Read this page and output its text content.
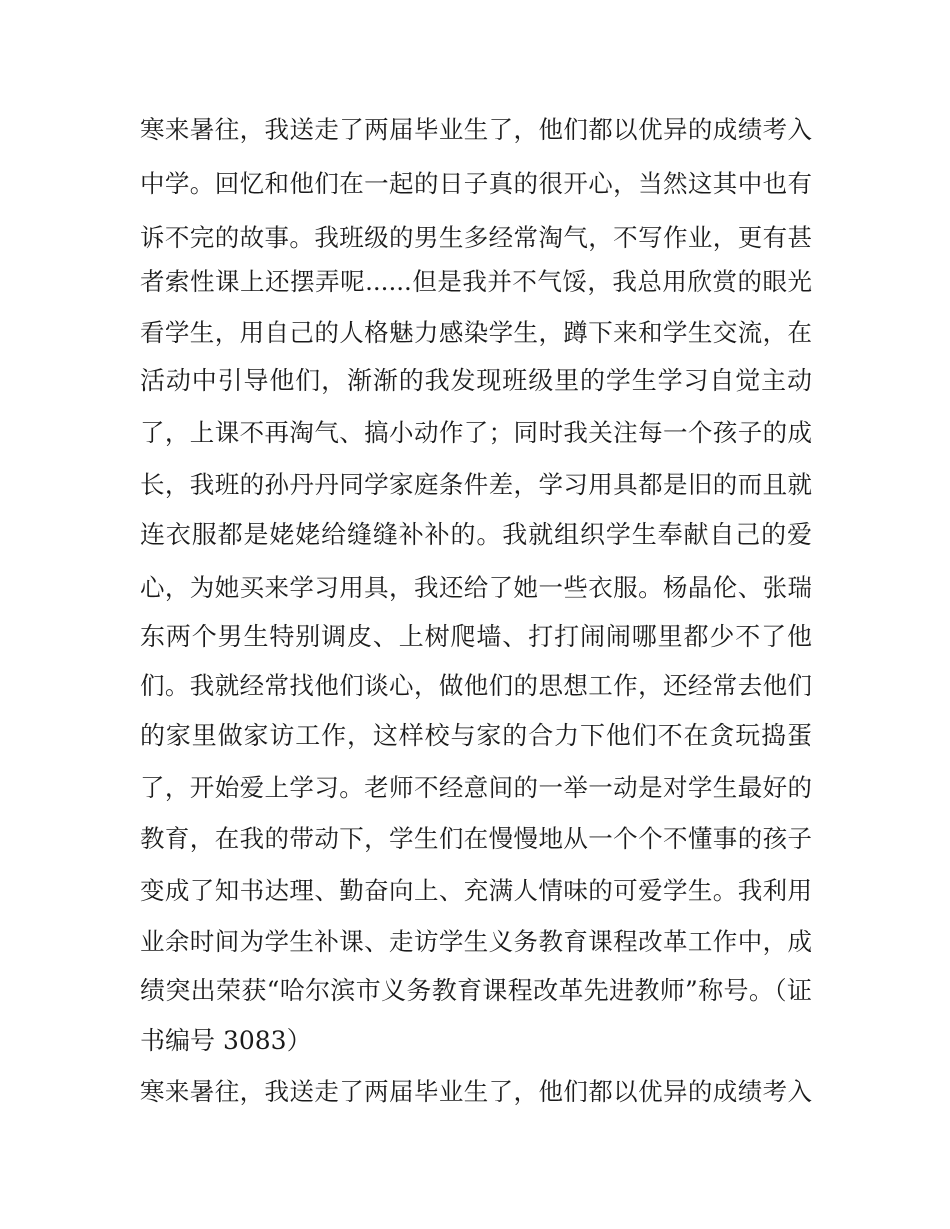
寒来暑往，我送走了两届毕业生了，他们都以优异的成绩考入
中学。回忆和他们在一起的日子真的很开心，当然这其中也有
诉不完的故事。我班级的男生多经常淘气，不写作业，更有甚
者索性课上还摆弄呢......但是我并不气馁，我总用欣赏的眼光
看学生，用自己的人格魅力感染学生，蹲下来和学生交流，在
活动中引导他们，渐渐的我发现班级里的学生学习自觉主动
了，上课不再淘气、搞小动作了；同时我关注每一个孩子的成
长，我班的孙丹丹同学家庭条件差，学习用具都是旧的而且就
连衣服都是姥姥给缝缝补补的。我就组织学生奉献自己的爱
心，为她买来学习用具，我还给了她一些衣服。杨晶伦、张瑞
东两个男生特别调皮、上树爬墙、打打闹闹哪里都少不了他
们。我就经常找他们谈心，做他们的思想工作，还经常去他们
的家里做家访工作，这样校与家的合力下他们不在贪玩捣蛋
了，开始爱上学习。老师不经意间的一举一动是对学生最好的
教育，在我的带动下，学生们在慢慢地从一个个不懂事的孩子
变成了知书达理、勤奋向上、充满人情味的可爱学生。我利用
业余时间为学生补课、走访学生义务教育课程改革工作中，成
绩突出荣获“哈尔滨市义务教育课程改革先进教师”称号。（证
书编号 3083）
寒来暑往，我送走了两届毕业生了，他们都以优异的成绩考入
